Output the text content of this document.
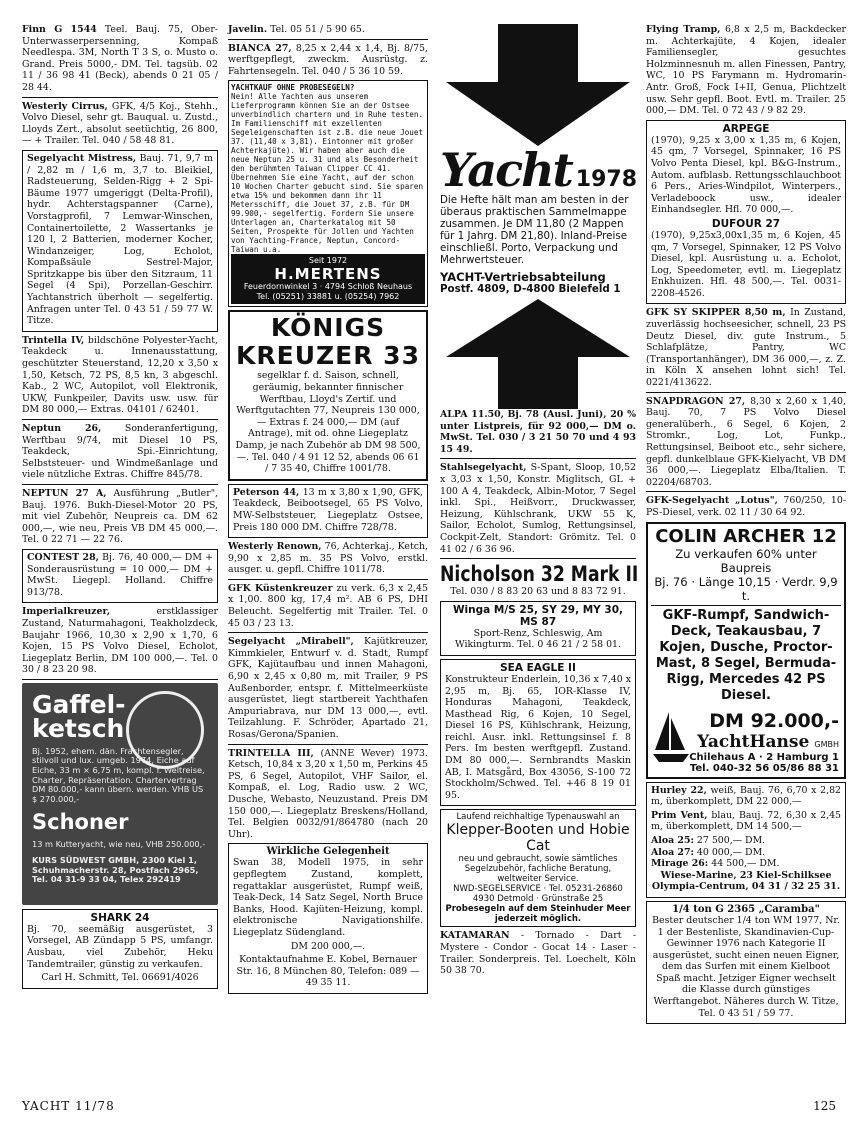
Finn G 1544 Teel. Bauj. 75, Ober-Unterwasserpersenning, Kompaß Needlespa. 3M, North T 3 S, o. Musto o. Grand. Preis 5000,- DM. Tel. tagsüb. 02 11 / 36 98 41 (Beck), abends 0 21 05 / 28 44.

Westerly Cirrus, GFK, 4/5 Koj., Stehh., Volvo Diesel, sehr gt. Bauqual. u. Zustd., Lloyds Zert., absolut seetüchtig, 26 800,— + Trailer. Tel. 040 / 58 48 81.

Segelyacht Mistress, Bauj. 71, 9,7 m / 2,82 m / 1,6 m, 3,7 to. Bleikiel, Radsteuerung, Selden-Rigg + 2 Spi-Bäume 1977 umgeriggt (Delta-Profil), hydr. Achterstagspanner (Carne), Vorstagprofil, 7 Lemwar-Winschen, Containertoilette, 2 Wassertanks je 120 l, 2 Batterien, moderner Kocher, Windanzeiger, Log, Echolot, Kompaßsäule Sestrel-Major, Spritzkappe bis über den Sitzraum, 11 Segel (4 Spi), Porzellan-Geschirr. Yachtanstrich überholt — segelfertig. Anfragen unter Tel. 0 43 51 / 59 77 W. Titze.

Trintella IV, bildschöne Polyester-Yacht, Teakdeck u. Innenausstattung, geschützter Steuerstand, 12,20 x 3,50 x 1,50, Ketsch, 72 PS, 8,5 kn, 3 abgeschl. Kab., 2 WC, Autopilot, voll Elektronik, UKW, Funkpeiler, Davits usw. usw. für DM 80 000,— Extras. 04101 / 62401.

Neptun 26,	Sonderanfertigung, Werftbau 9/74, mit Diesel 10 PS, Teakdeck, Spi.-Einrichtung, Selbststeuer- und Windmeßanlage und viele nützliche Extras. Chiffre 845/78.

NEPTUN 27 A, Ausführung „Butler", Bauj. 1976. Bukh-Diesel-Motor 20 PS, mit viel Zubehör, Neupreis ca. DM 62 000,—, wie neu, Preis VB DM 45 000,—. Tel. 0 22 71 — 22 76.

CONTEST 28, Bj. 76, 40 000,— DM + Sonderausrüstung = 10 000,— DM + MwSt. Liegepl. Holland. Chiffre 913/78.

Imperialkreuzer,	erstklassiger Zustand, Naturmahagoni, Teakholzdeck, Baujahr 1966, 10,30 x 2,90 x 1,70, 6 Kojen, 15 PS Volvo Diesel, Echolot, Liegeplatz Berlin, DM 100 000,—. Tel. 0 30 / 8 23 20 98.

Gaffel-
ketsch

Bj. 1952, ehem. dän. Frachtensegler, stilvoll und lux. umgeb. 1974, Eiche auf Eiche, 33 m × 6,75 m, kompl. f. Weltreise, Charter, Repräsentation. Chartervertrag DM 80.000,- kann übern. werden. VHB US $ 270.000,-

Schoner

13 m Kutteryacht, wie neu, VHB 250.000,-

KURS SÜDWEST GMBH, 2300 Kiel 1, Schuhmacherstr. 28, Postfach 2965, Tel. 04 31-9 33 04, Telex 292419

SHARK 24

Bj. 70, seemäßig ausgerüstet, 3 Vorsegel, AB Zündapp 5 PS, umfangr. Ausbau, viel Zubehör, Heku Tandemtrailer, günstig zu verkaufen.

Carl H. Schmitt, Tel. 06691/4026

Javelin. Tel. 05 51 / 5 90 65.

BIANCA 27, 8,25 x 2,44 x 1,4, Bj. 8/75, werftgepflegt, zweckm. Ausrüstg. z. Fahrtensegeln. Tel. 040 / 5 36 10 59.

YACHTKAUF OHNE PROBESEGELN?
Nein! Alle Yachten aus unserem Lieferprogramm können Sie an der Ostsee unverbindlich chartern und in Ruhe testen. Im Familienschiff mit exzellenten Segeleigenschaften ist z.B. die neue Jouet 37. (11,40 x 3,81). Eintonner mit großer Achterkajüte). Wir haben aber auch die neue Neptun 25 u. 31 und als Besonderheit den berühmten Taiwan Clipper CC 41. Übernehmen Sie eine Yacht, auf der schon 10 Wochen Charter gebucht sind. Sie sparen etwa 15% und bekommen dann ihr 11 Metersschiff, die Jouet 37, z.B. für DM 99.900,- segelfertig. Fordern Sie unsere Unterlagen an, Charterkatalog mit 50 Seiten, Prospekte für Jollen und Yachten von Yachting-France, Neptun, Concord-Taiwan u.a.
Seit 1972
H.MERTENS
Feuerdornwinkel 3 · 4794 Schloß Neuhaus
Tel. (05251) 33881 u. (05254) 7962
KÖNIGS
KREUZER 33

segelklar f. d. Saison, schnell, geräumig, bekannter finnischer Werftbau, Lloyd's Zertif. und Werftgutachten 77, Neupreis 130 000,— Extras f. 24 000,— DM (auf Antrage), mit od. ohne Liegeplatz Damp, je nach Zubehör ab DM 98 500,—. Tel. 040 / 4 91 12 52, abends 06 61 / 7 35 40, Chiffre 1001/78.

Peterson 44, 13 m x 3,80 x 1,90, GFK, Teakdeck, Beibootsegel, 65 PS Volvo, MW-Selbststeuer, Liegeplatz Ostsee, Preis 180 000 DM. Chiffre 728/78.

Westerly Renown, 76, Achterkaj., Ketch, 9,90 x 2,85 m. 35 PS Volvo, erstkl. ausger. u. gepfl. Chiffre 1011/78.

GFK Küstenkreuzer zu verk. 6,3 x 2,45 x 1,00. 800 kg, 17,4 m². AB 6 PS, DHI Beleucht. Segelfertig mit Trailer. Tel. 0 45 03 / 23 13.

Segelyacht „Mirabell", Kajütkreuzer, Kimmkieler, Entwurf v. d. Stadt, Rumpf GFK, Kajütaufbau und innen Mahagoni, 6,90 x 2,45 x 0,80 m, mit Trailer, 9 PS Außenborder, entspr. f. Mittelmeerküste ausgerüstet, liegt startbereit Yachthafen Ampuriabrava, nur DM 13 000,—, evtl. Teilzahlung. F. Schröder, Apartado 21, Rosas/Gerona/Spanien.

TRINTELLA III, (ANNE Wever) 1973. Ketsch, 10,84 x 3,20 x 1,50 m, Perkins 45 PS, 6 Segel, Autopilot, VHF Sailor, el. Kompaß, el. Log, Radio usw. 2 WC, Dusche, Webasto, Neuzustand. Preis DM 150 000,—. Liegeplatz Breskens/Holland, Tel. Belgien 0032/91/864780 (nach 20 Uhr).

Wirkliche Gelegenheit

Swan 38, Modell 1975, in sehr gepflegtem Zustand, komplett, regattaklar ausgerüstet, Rumpf weiß, Teak-Deck, 14 Satz Segel, North Bruce Banks, Hood. Kajüten-Heizung, kompl. elektronische Navigationshilfe. Liegeplatz Südengland.

DM 200 000,—.

Kontaktaufnahme E. Kobel, Bernauer Str. 16, 8 München 80, Telefon: 089 — 49 35 11.

Yacht 1978
Die Hefte hält man am besten in der überaus praktischen Sammelmappe zusammen. Je DM 11,80 (2 Mappen für 1 Jahrg. DM 21,80). Inland-Preise einschließl. Porto, Verpackung und Mehrwertsteuer.
YACHT-Vertriebsabteilung
Postf. 4809, D-4800 Bielefeld 1

ALPA 11.50, Bj. 78 (Ausl. Juni), 20 % unter Listpreis, für 92 000,— DM o. MwSt. Tel. 030 / 3 21 50 70 und 4 93 15 49.

Stahlsegelyacht, S-Spant, Sloop, 10,52 x 3,03 x 1,50, Konstr. Miglitsch, GL + 100 A 4, Teakdeck, Albin-Motor, 7 Segel inkl. Spi., Heißvorr., Druckwasser, Heizung, Kühlschrank, UKW 55 K, Sailor, Echolot, Sumlog, Rettungsinsel, Cockpit-Zelt, Standort: Grömitz. Tel. 0 41 02 / 6 36 96.

Nicholson 32 Mark II

Tel. 030 / 8 83 20 63 und 8 83 72 91.

Winga M/S 25, SY 29, MY 30, MS 87

Sport-Renz, Schleswig, Am Wikingturm. Tel. 0 46 21 / 2 58 01.

SEA EAGLE II

Konstrukteur Enderlein, 10,36 x 7,40 x 2,95 m, Bj. 65, IOR-Klasse IV, Honduras Mahagoni, Teakdeck, Masthead Rig, 6 Kojen, 10 Segel, Diesel 16 PS, Kühlschrank, Heizung, reichl. Ausr. inkl. Rettungsinsel f. 8 Pers. Im besten werftgepfl. Zustand. DM 80 000,—. Sernbrandts Maskin AB, I. Matsgård, Box 43056, S-100 72 Stockholm/Schwed. Tel. +46 8 19 01 95.

Laufend reichhaltige Typenauswahl an
Klepper-Booten und Hobie Cat
neu und gebraucht, sowie sämtliches Segelzubehör, fachliche Beratung, weltweiter Service.
NWD-SEGELSERVICE · Tel. 05231-26860
4930 Detmold · Grünstraße 25
Probesegeln auf dem Steinhuder Meer jederzeit möglich.

KATAMARAN - Tornado - Dart - Mystere - Condor - Gocat 14 - Laser - Trailer. Sonderpreis. Tel. Loechelt, Köln 50 38 70.

Flying Tramp, 6,8 x 2,5 m, Backdecker m. Achterkajüte, 4 Kojen, idealer Familiensegler, gesuchtes Holzminnesnuh m. allen Finessen, Pantry, WC, 10 PS Farymann m. Hydromarin-Antr. Groß, Fock I+II, Genua, Plichtzelt usw. Sehr gepfl. Boot. Evtl. m. Trailer. 25 000,— DM. Tel. 0 72 43 / 9 82 29.

ARPEGE

(1970), 9,25 x 3,00 x 1,35 m, 6 Kojen, 45 qm, 7 Vorsegel, Spinnaker, 16 PS Volvo Penta Diesel, kpl. B&G-Instrum., Autom. aufblasb. Rettungsschlauchboot 6 Pers., Aries-Windpilot, Winterpers., Verladeboock usw., idealer Einhandsegler. Hfl. 70 000,—.

DUFOUR 27

(1970), 9,25x3,00x1,35 m, 6 Kojen, 45 qm, 7 Vorsegel, Spinnaker, 12 PS Volvo Diesel, kpl. Ausrüstung u. a. Echolot, Log, Speedometer, evtl. m. Liegeplatz Enkhuizen. Hfl. 48 500,—. Tel. 0031-2208-4526.

GFK SY SKIPPER 8,50 m, In Zustand, zuverlässig hochseesicher, schnell, 23 PS Deutz Diesel, div. gute Instrum., 5 Schlafplätze, Pantry, WC (Transportanhänger), DM 36 000,—, z. Z. in Köln X ansehen lohnt sich! Tel. 0221/413622.

SNAPDRAGON 27, 8,30 x 2,60 x 1,40, Bauj. 70, 7 PS Volvo Diesel generalüberh., 6 Segel, 6 Kojen, 2 Stromkr., Log, Lot, Funkp., Rettungsinsel, Beiboot etc., sehr sichere, gepfl. dunkelblaue GFK-Kielyacht, VB DM 36 000,—. Liegeplatz Elba/Italien. T. 02204/68703.

GFK-Segelyacht „Lotus", 760/250, 10-PS-Diesel, verk. 02 11 / 30 64 92.

COLIN ARCHER 12
Zu verkaufen 60% unter Baupreis
Bj. 76 · Länge 10,15 · Verdr. 9,9 t.
GKF-Rumpf, Sandwich-Deck, Teakausbau, 7 Kojen, Dusche, Proctor-Mast, 8 Segel, Bermuda-Rigg, Mercedes 42 PS Diesel.
DM 92.000,-
YachtHanse GMBH
Chilehaus A · 2 Hamburg 1
Tel. 040-32 56 05/86 88 31

Hurley 22, weiß, Bauj. 76, 6,70 x 2,82 m, überkomplett, DM 22 000,—

Prim Vent, blau, Bauj. 72, 6,30 x 2,45 m, überkomplett, DM 14 500,—

Aloa 25: 27 500,— DM.

Aloa 27: 40 000,— DM.

Mirage 26: 44 500,— DM.

Wiese-Marine, 23 Kiel-Schilksee Olympia-Centrum, 04 31 / 32 25 31.

1/4 ton G 2365 „Caramba"

Bester deutscher 1/4 ton WM 1977, Nr. 1 der Bestenliste, Skandinavien-Cup-Gewinner 1976 nach Kategorie II ausgerüstet, sucht einen neuen Eigner, dem das Surfen mit einem Kielboot Spaß macht. Jetziger Eigner wechselt die Klasse durch günstiges Werftangebot. Näheres durch W. Titze, Tel. 0 43 51 / 59 77.

YACHT 11/78	125
